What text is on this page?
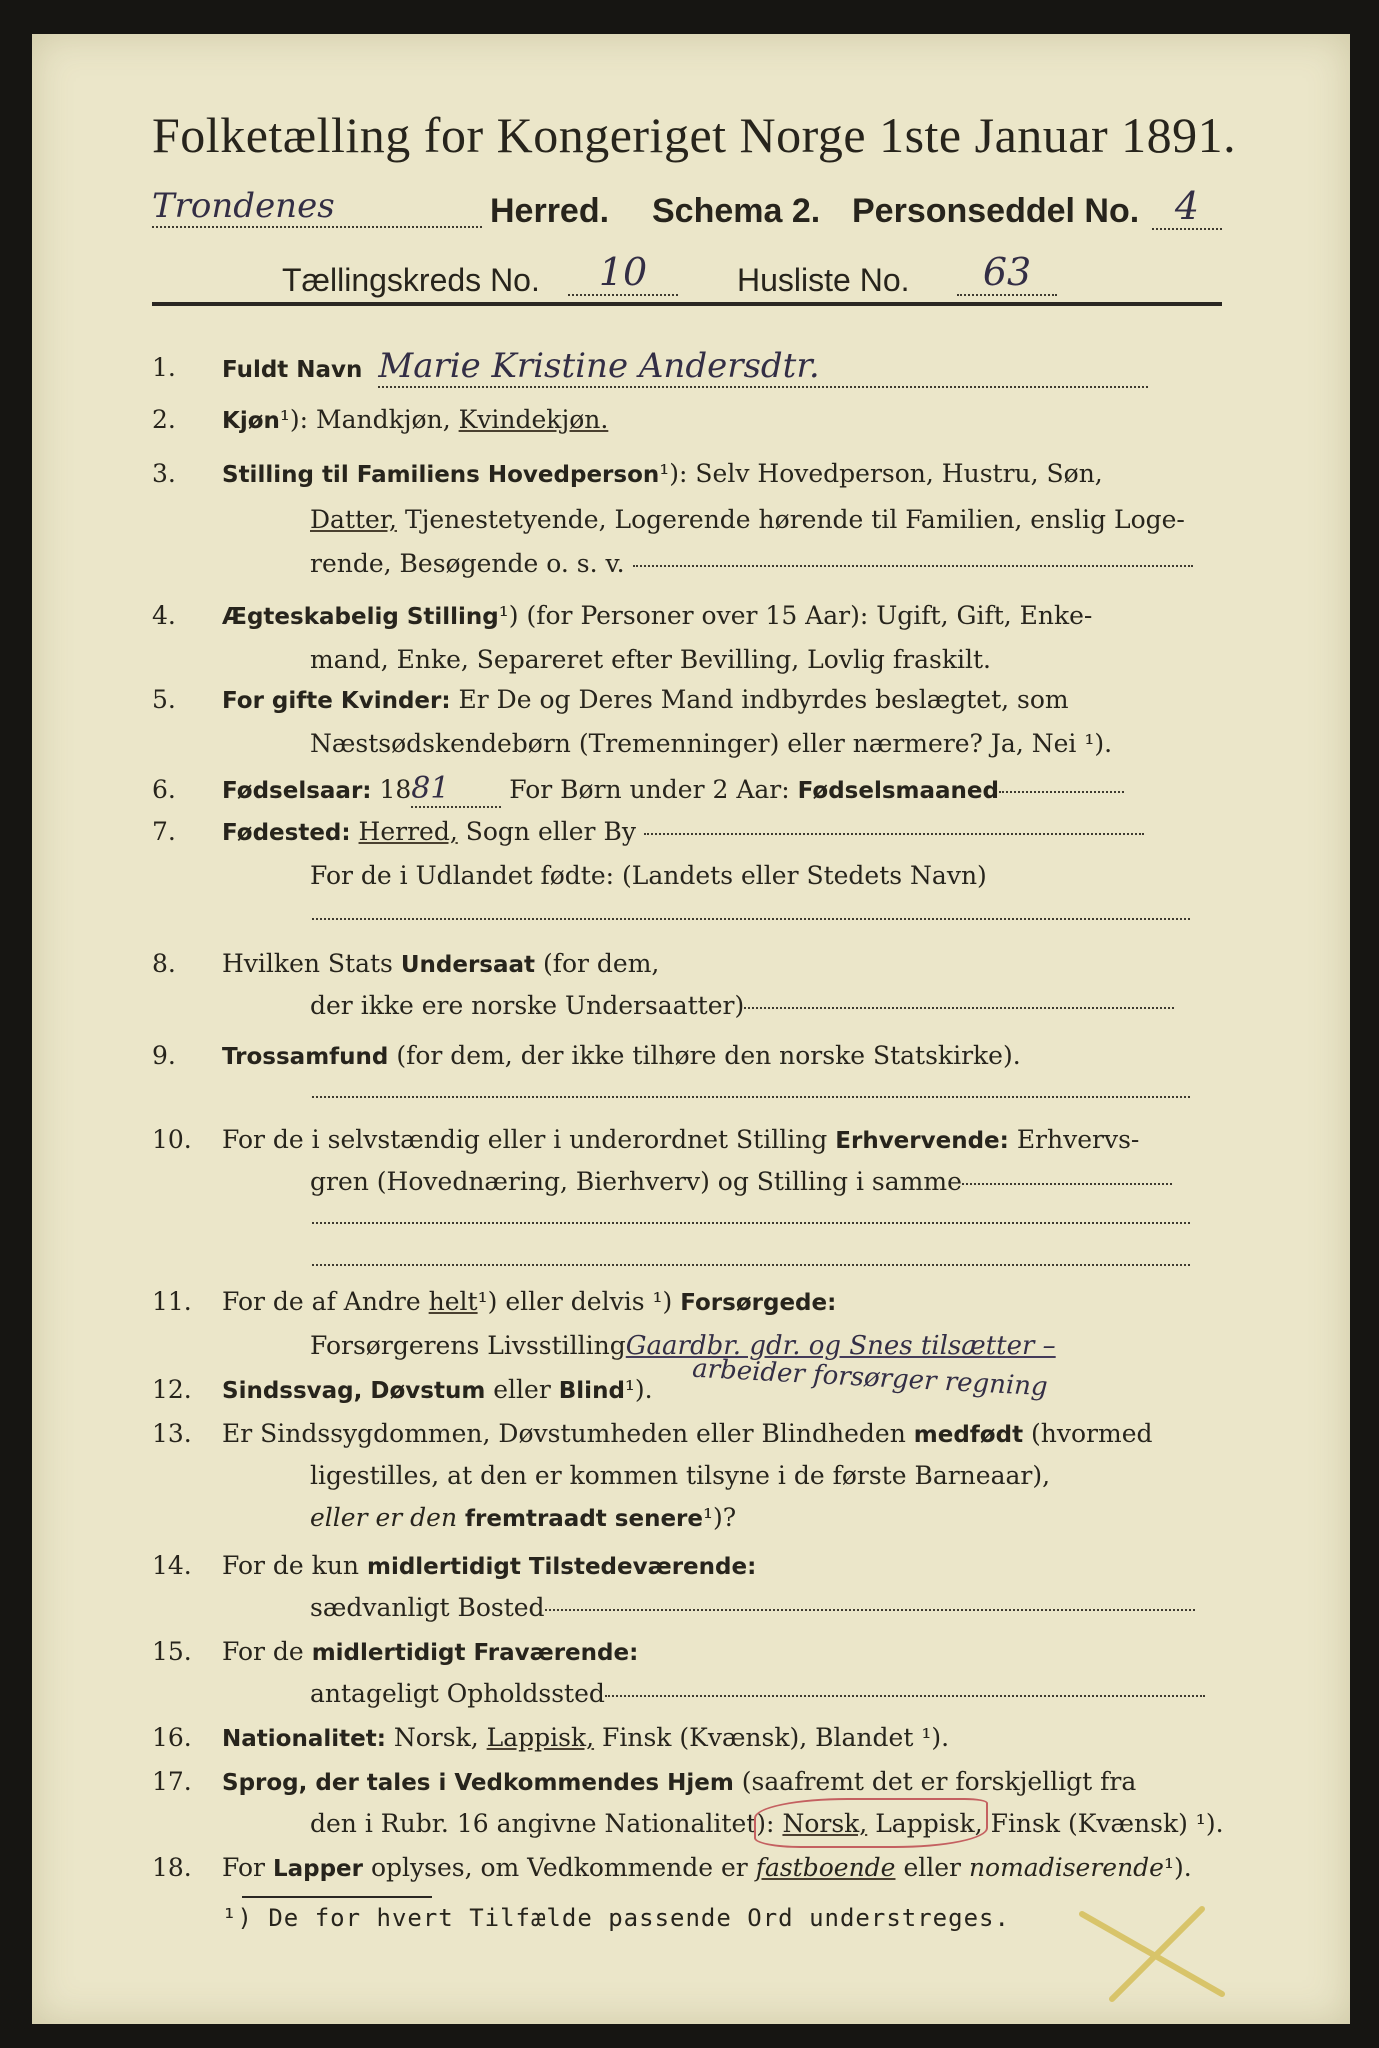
Folketælling for Kongeriget Norge 1ste Januar 1891.
Trondenes	Herred. Schema 2. Personseddel No. 4
Tællingskreds No.	10	Husliste No.	63
1.	Fuldt Navn Marie Kristine Andersdtr.
2.	Kjøn¹): Mandkjøn, Kvindekjøn.
3.	Stilling til Familiens Hovedperson¹): Selv Hovedperson, Hustru, Søn,
Datter, Tjenestetyende, Logerende hørende til Familien, enslig Loge-
rende, Besøgende o. s. v.
4.	Ægteskabelig Stilling¹) (for Personer over 15 Aar): Ugift, Gift, Enke-
mand, Enke, Separeret efter Bevilling, Lovlig fraskilt.
5.	For gifte Kvinder: Er De og Deres Mand indbyrdes beslægtet, som
Næstsødskendebørn (Tremenninger) eller nærmere? Ja, Nei ¹).
6.	Fødselsaar: 1881 For Børn under 2 Aar: Fødselsmaaned
7.	Fødested: Herred, Sogn eller By
For de i Udlandet fødte: (Landets eller Stedets Navn)
8.	Hvilken Stats Undersaat (for dem,
der ikke ere norske Undersaatter)
9.	Trossamfund (for dem, der ikke tilhøre den norske Statskirke).
10.	For de i selvstændig eller i underordnet Stilling Erhvervende: Erhvervs-
gren (Hovednæring, Bierhverv) og Stilling i samme
11.	For de af Andre helt¹) eller delvis ¹) Forsørgede:
Forsørgerens LivsstillingGaardbr. gdr. og Snes tilsætter –
12.	Sindssvag, Døvstum eller Blind¹).	arbeider forsørger regning
13.	Er Sindssygdommen, Døvstumheden eller Blindheden medfødt (hvormed
ligestilles, at den er kommen tilsyne i de første Barneaar),
eller er den fremtraadt senere¹)?
14.	For de kun midlertidigt Tilstedeværende:
sædvanligt Bosted
15.	For de midlertidigt Fraværende:
antageligt Opholdssted
16.	Nationalitet: Norsk, Lappisk, Finsk (Kvænsk), Blandet ¹).
17.	Sprog, der tales i Vedkommendes Hjem (saafremt det er forskjelligt fra
den i Rubr. 16 angivne Nationalitet): Norsk, Lappisk, Finsk (Kvænsk) ¹).
18.	For Lapper oplyses, om Vedkommende er fastboende eller nomadiserende¹).
¹) De for hvert Tilfælde passende Ord understreges.
